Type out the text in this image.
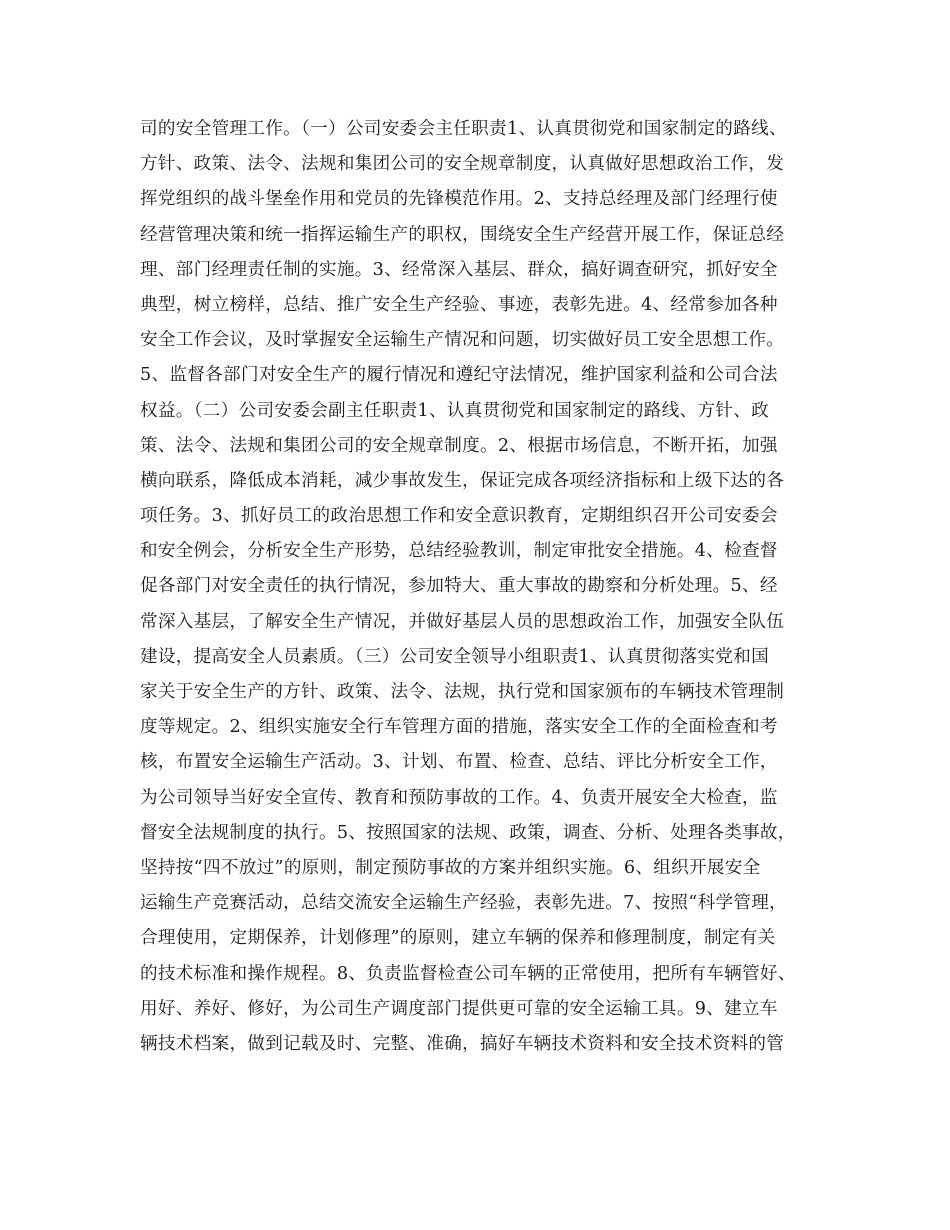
司的安全管理工作。（一）公司安委会主任职责1、认真贯彻党和国家制定的路线、
方针、政策、法令、法规和集团公司的安全规章制度，认真做好思想政治工作，发
挥党组织的战斗堡垒作用和党员的先锋模范作用。2、支持总经理及部门经理行使
经营管理决策和统一指挥运输生产的职权，围绕安全生产经营开展工作，保证总经
理、部门经理责任制的实施。3、经常深入基层、群众，搞好调查研究，抓好安全
典型，树立榜样，总结、推广安全生产经验、事迹，表彰先进。4、经常参加各种
安全工作会议，及时掌握安全运输生产情况和问题，切实做好员工安全思想工作。
5、监督各部门对安全生产的履行情况和遵纪守法情况，维护国家利益和公司合法
权益。（二）公司安委会副主任职责1、认真贯彻党和国家制定的路线、方针、政
策、法令、法规和集团公司的安全规章制度。2、根据市场信息，不断开拓，加强
横向联系，降低成本消耗，减少事故发生，保证完成各项经济指标和上级下达的各
项任务。3、抓好员工的政治思想工作和安全意识教育，定期组织召开公司安委会
和安全例会，分析安全生产形势，总结经验教训，制定审批安全措施。4、检查督
促各部门对安全责任的执行情况，参加特大、重大事故的勘察和分析处理。5、经
常深入基层，了解安全生产情况，并做好基层人员的思想政治工作，加强安全队伍
建设，提高安全人员素质。（三）公司安全领导小组职责1、认真贯彻落实党和国
家关于安全生产的方针、政策、法令、法规，执行党和国家颁布的车辆技术管理制
度等规定。2、组织实施安全行车管理方面的措施，落实安全工作的全面检查和考
核，布置安全运输生产活动。3、计划、布置、检查、总结、评比分析安全工作，
为公司领导当好安全宣传、教育和预防事故的工作。4、负责开展安全大检查，监
督安全法规制度的执行。5、按照国家的法规、政策，调查、分析、处理各类事故，
坚持按“四不放过”的原则，制定预防事故的方案并组织实施。6、组织开展安全
运输生产竞赛活动，总结交流安全运输生产经验，表彰先进。7、按照“科学管理，
合理使用，定期保养，计划修理”的原则，建立车辆的保养和修理制度，制定有关
的技术标准和操作规程。8、负责监督检查公司车辆的正常使用，把所有车辆管好、
用好、养好、修好，为公司生产调度部门提供更可靠的安全运输工具。9、建立车
辆技术档案，做到记载及时、完整、准确，搞好车辆技术资料和安全技术资料的管
